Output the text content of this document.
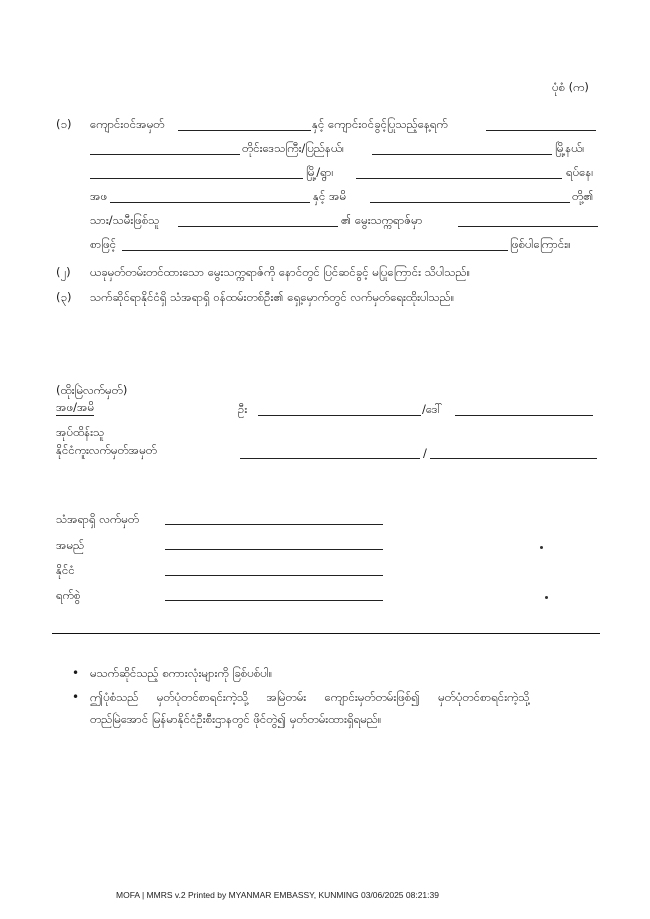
ပုံစံ (က)
(၁) ကျောင်းဝင်အမှတ်	နှင့် ကျောင်းဝင်ခွင့်ပြုသည့်နေ့ရက်
တိုင်းဒေသကြီး/ပြည်နယ်၊	မြို့နယ်၊
မြို့/ရွာ၊	ရပ်နေ၊
အဖ	နှင့် အမိ	တို့၏
သား/သမီးဖြစ်သူ	၏ မွေးသက္ကရာဇ်မှာ
စာဖြင့်	ဖြစ်ပါကြောင်း။
(၂) ယခုမှတ်တမ်းတင်ထားသော မွေးသက္ကရာဇ်ကို နောင်တွင် ပြင်ဆင်ခွင့် မပြုကြောင်း သိပါသည်။
(၃) သက်ဆိုင်ရာနိုင်ငံရှိ သံအရာရှိ ဝန်ထမ်းတစ်ဦး၏ ရှေ့မှောက်တွင် လက်မှတ်ရေးထိုးပါသည်။
(ထိုးမြဲလက်မှတ်)
အဖ/အမိ
အုပ်ထိန်းသူ
နိုင်ငံကူးလက်မှတ်အမှတ်
ဦး	/ဒေါ်
/
သံအရာရှိ လက်မှတ်
အမည်
နိုင်ငံ
ရက်စွဲ
• မသက်ဆိုင်သည့် စကားလုံးများကို ခြစ်ပစ်ပါ။
• ဤပုံစံသည်     မှတ်ပုံတင်စာရင်းကဲ့သို့     အမြဲတမ်း     ကျောင်းမှတ်တမ်းဖြစ်၍     မှတ်ပုံတင်စာရင်းကဲ့သို့
တည်မြဲအောင် မြန်မာနိုင်ငံဦးစီးဌာနတွင် ဖိုင်တွဲ၍ မှတ်တမ်းထားရှိရမည်။
MOFA | MMRS v.2 Printed by MYANMAR EMBASSY, KUNMING 03/06/2025 08:21:39
